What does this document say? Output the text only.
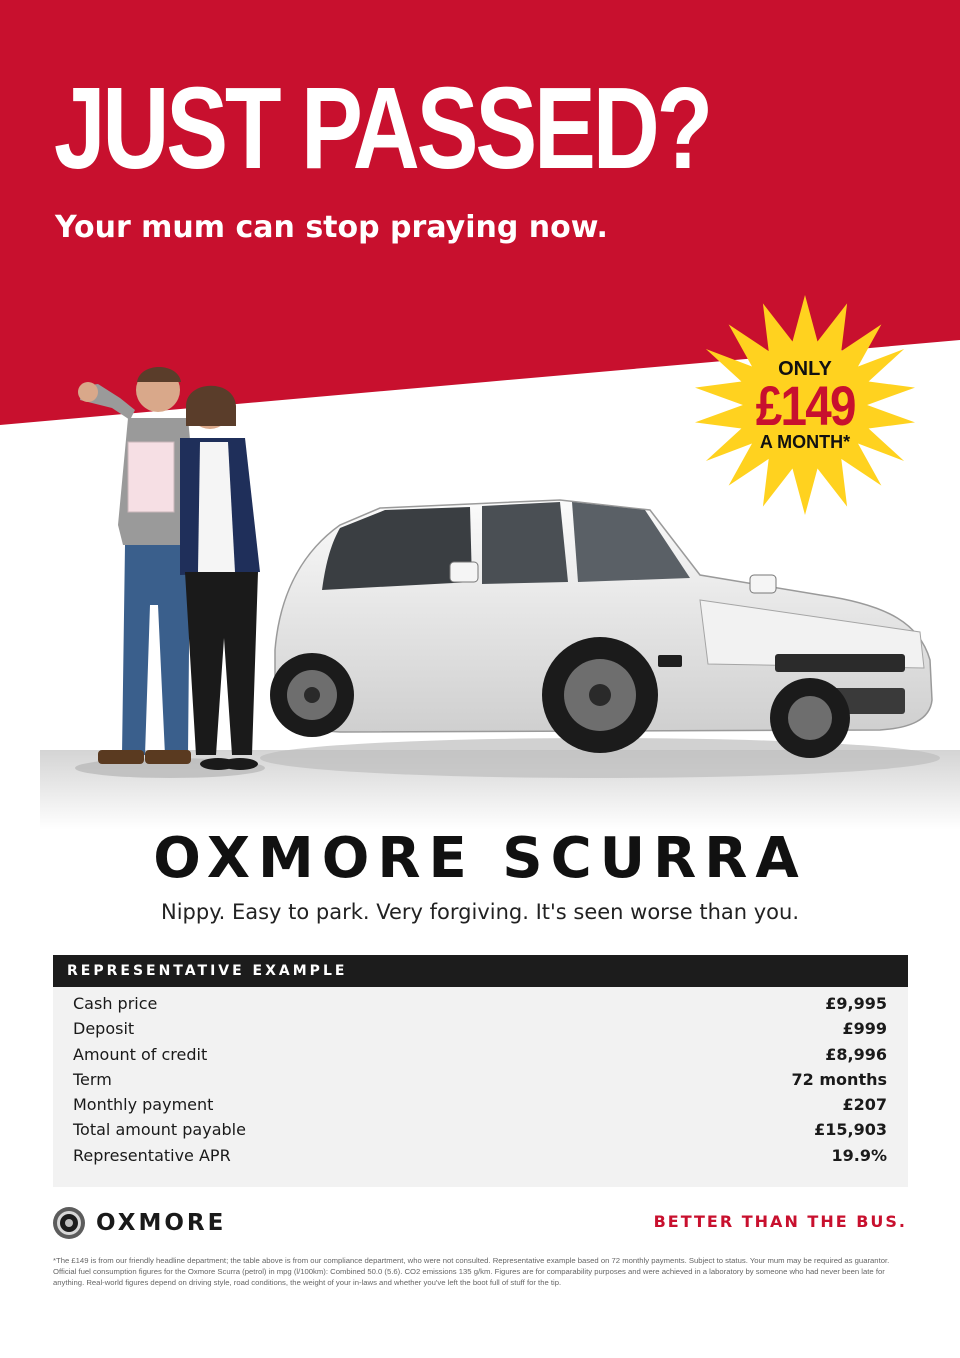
JUST PASSED?

Your mum can stop praying now.

ONLY
£149
A MONTH*
OXMORE SCURRA

Nippy. Easy to park. Very forgiving. It's seen worse than you.

REPRESENTATIVE EXAMPLE
Cash price	£9,995
Deposit	£999
Amount of credit	£8,996
Term	72 months
Monthly payment	£207
Total amount payable	£15,903
Representative APR	19.9%
OXMORE	BETTER THAN THE BUS.

*The £149 is from our friendly headline department; the table above is from our compliance department, who were not consulted. Representative example based on 72 monthly payments. Subject to status. Your mum may be required as guarantor. Official fuel consumption figures for the Oxmore Scurra (petrol) in mpg (l/100km): Combined 50.0 (5.6). CO2 emissions 135 g/km. Figures are for comparability purposes and were achieved in a laboratory by someone who had never been late for anything. Real-world figures depend on driving style, road conditions, the weight of your in-laws and whether you've left the boot full of stuff for the tip.
